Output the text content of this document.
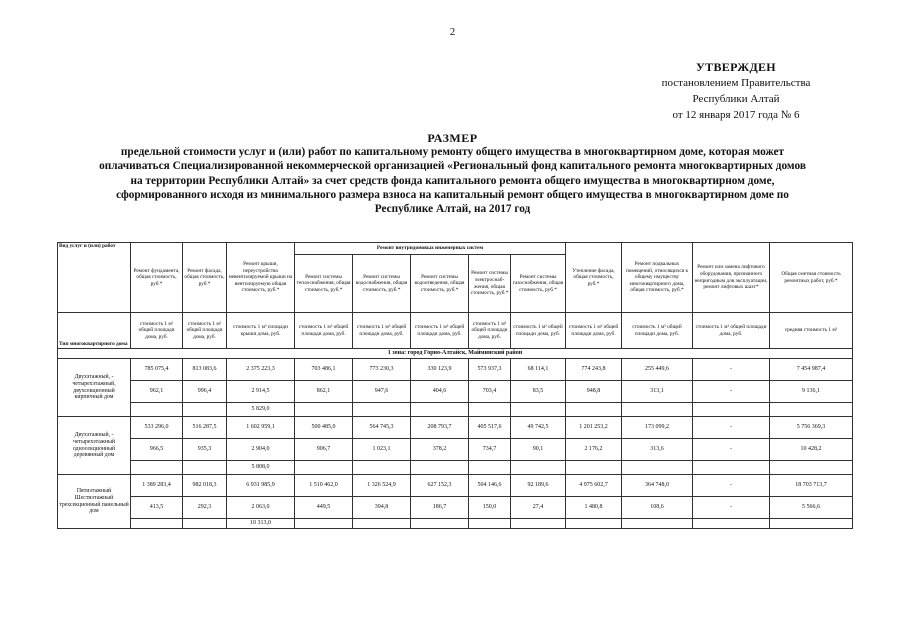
2
УТВЕРЖДЕН
постановлением Правительства
Республики Алтай
от 12 января 2017 года № 6
РАЗМЕР
предельной стоимости услуг и (или) работ по капитальному ремонту общего имущества в многоквартирном доме, которая может
оплачиваться Специализированной некоммерческой организацией «Региональный фонд капитального ремонта многоквартирных домов
на территории Республики Алтай» за счет средств фонда капитального ремонта общего имущества в многоквартирном доме,
сформированного исходя из минимального размера взноса на капитальный ремонт общего имущества в многоквартирном доме по
Республике Алтай, на 2017 год
Вид услуг и (или) работ	Ремонт фундамента, общая стоимость, руб.*	Ремонт фасада, общая стоимость, руб.*	Ремонт крыши, переустройство невентилируемой крыши на вентилируемую общая стоимость, руб.*	Ремонт внутридомовых инженерных систем					Утепление фасада, общая стоимость, руб.*	Ремонт подвальных помещений, относящихся к общему имуществу многоквартирного дома, общая стоимость, руб.*	Ремонт или замена лифтового оборудования, признанного непригодным для эксплуатации, ремонт лифтовых шахт*	Общая сметная стоимость ремонтных работ, руб.*
				Ремонт системы теплоснабжения, общая стоимость, руб.*	Ремонт системы водоснабжения, общая стоимость, руб.*	Ремонт системы водоотведения, общая стоимость, руб.*	Ремонт системы электроснаб-жения, общая стоимость, руб.*	Ремонт системы газоснабжения, общая стоимость, руб.*				
Тип многоквартирного дома	стоимость 1 м² общей площади дома, руб.	стоимость 1 м² общей площади дома, руб.	стоимость 1 м² площади крыши дома, руб.	стоимость 1 м² общей площади дома, руб.	стоимость 1 м² общей площади дома, руб.	стоимость 1 м² общей площади дома, руб.	стоимость 1 м² общей площади дома, руб.	стоимость 1 м² общей площади дома, руб.	стоимость 1 м² общей площади дома, руб.	стоимость 1 м² общей площади дома, руб.	стоимость 1 м² общей площади дома, руб.	средняя стоимость 1 м²
1 зона: город Горно-Алтайск, Майминский район												
Двухэтажный, - четырехэтажный, двухсекционный кирпичный дом	785 075,4	813 083,6	2 375 223,3	703 486,1	773 230,3	330 123,9	573 937,3	68 114,1	774 243,8	255 449,6	-	7 454 987,4
	962,1	996,4	2 914,5	862,1	947,6	404,6	703,4	83,5	948,8	313,1	-	9 136,1
			5 829,0									
Двухэтажный, - четырехэтажный односекционный деревянный дом	533 296,0	516 287,5	1 602 959,1	500 485,0	564 745,3	208 793,7	405 517,6	49 742,5	1 201 253,2	173 099,2	-	5 756 369,3
	966,5	935,3	2 904,0	906,7	1 023,1	378,2	734,7	90,1	2 176,2	313,6	-	10 428,2
			5 808,0									
Пятиэтажный Шестиэтажный трехсекционный панельный дом	1 389 283,4	982 018,3	6 931 985,9	1 510 462,0	1 326 524,9	627 152,3	504 146,6	92 189,6	4 975 602,7	364 748,0	-	18 703 713,7
	413,5	292,3	2 063,0	449,5	394,8	186,7	150,0	27,4	1 480,8	108,6	-	5 566,6
			10 313,0									
